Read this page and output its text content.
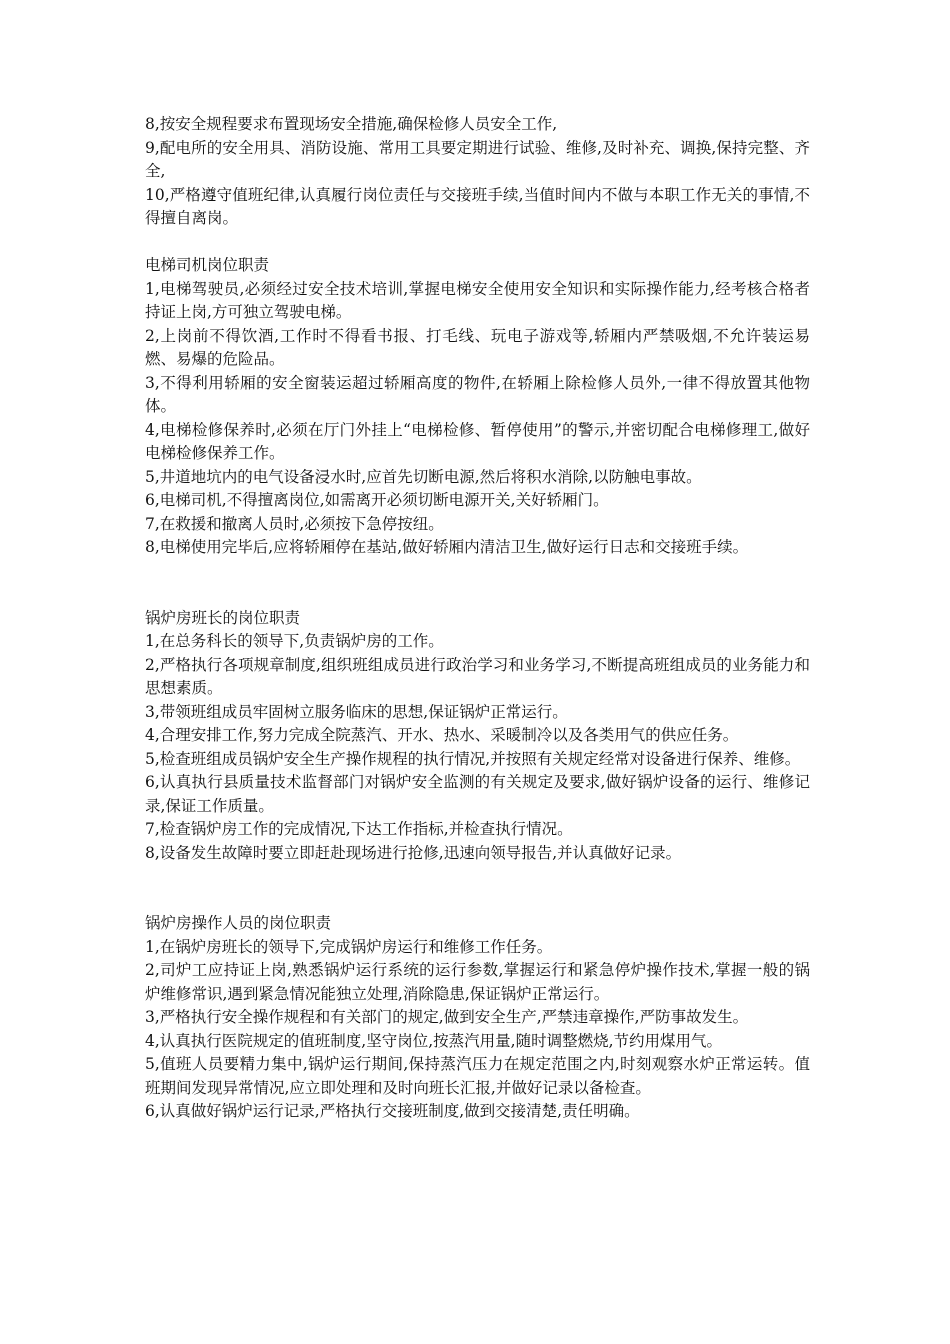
8,按安全规程要求布置现场安全措施,确保检修人员安全工作,

9,配电所的安全用具、消防设施、常用工具要定期进行试验、维修,及时补充、调换,保持完整、齐全,

10,严格遵守值班纪律,认真履行岗位责任与交接班手续,当值时间内不做与本职工作无关的事情,不得擅自离岗。

电梯司机岗位职责

1,电梯驾驶员,必须经过安全技术培训,掌握电梯安全使用安全知识和实际操作能力,经考核合格者持证上岗,方可独立驾驶电梯。

2,上岗前不得饮酒,工作时不得看书报、打毛线、玩电子游戏等,轿厢内严禁吸烟,不允许装运易燃、易爆的危险品。

3,不得利用轿厢的安全窗装运超过轿厢高度的物件,在轿厢上除检修人员外,一律不得放置其他物体。

4,电梯检修保养时,必须在厅门外挂上“电梯检修、暂停使用”的警示,并密切配合电梯修理工,做好电梯检修保养工作。

5,井道地坑内的电气设备浸水时,应首先切断电源,然后将积水消除,以防触电事故。

6,电梯司机,不得擅离岗位,如需离开必须切断电源开关,关好轿厢门。

7,在救援和撤离人员时,必须按下急停按纽。

8,电梯使用完毕后,应将轿厢停在基站,做好轿厢内清洁卫生,做好运行日志和交接班手续。

锅炉房班长的岗位职责

1,在总务科长的领导下,负责锅炉房的工作。

2,严格执行各项规章制度,组织班组成员进行政治学习和业务学习,不断提高班组成员的业务能力和思想素质。

3,带领班组成员牢固树立服务临床的思想,保证锅炉正常运行。

4,合理安排工作,努力完成全院蒸汽、开水、热水、采暖制冷以及各类用气的供应任务。

5,检查班组成员锅炉安全生产操作规程的执行情况,并按照有关规定经常对设备进行保养、维修。

6,认真执行县质量技术监督部门对锅炉安全监测的有关规定及要求,做好锅炉设备的运行、维修记录,保证工作质量。

7,检查锅炉房工作的完成情况,下达工作指标,并检查执行情况。

8,设备发生故障时要立即赶赴现场进行抢修,迅速向领导报告,并认真做好记录。

锅炉房操作人员的岗位职责

1,在锅炉房班长的领导下,完成锅炉房运行和维修工作任务。

2,司炉工应持证上岗,熟悉锅炉运行系统的运行参数,掌握运行和紧急停炉操作技术,掌握一般的锅炉维修常识,遇到紧急情况能独立处理,消除隐患,保证锅炉正常运行。

3,严格执行安全操作规程和有关部门的规定,做到安全生产,严禁违章操作,严防事故发生。

4,认真执行医院规定的值班制度,坚守岗位,按蒸汽用量,随时调整燃烧,节约用煤用气。

5,值班人员要精力集中,锅炉运行期间,保持蒸汽压力在规定范围之内,时刻观察水炉正常运转。值班期间发现异常情况,应立即处理和及时向班长汇报,并做好记录以备检查。

6,认真做好锅炉运行记录,严格执行交接班制度,做到交接清楚,责任明确。
